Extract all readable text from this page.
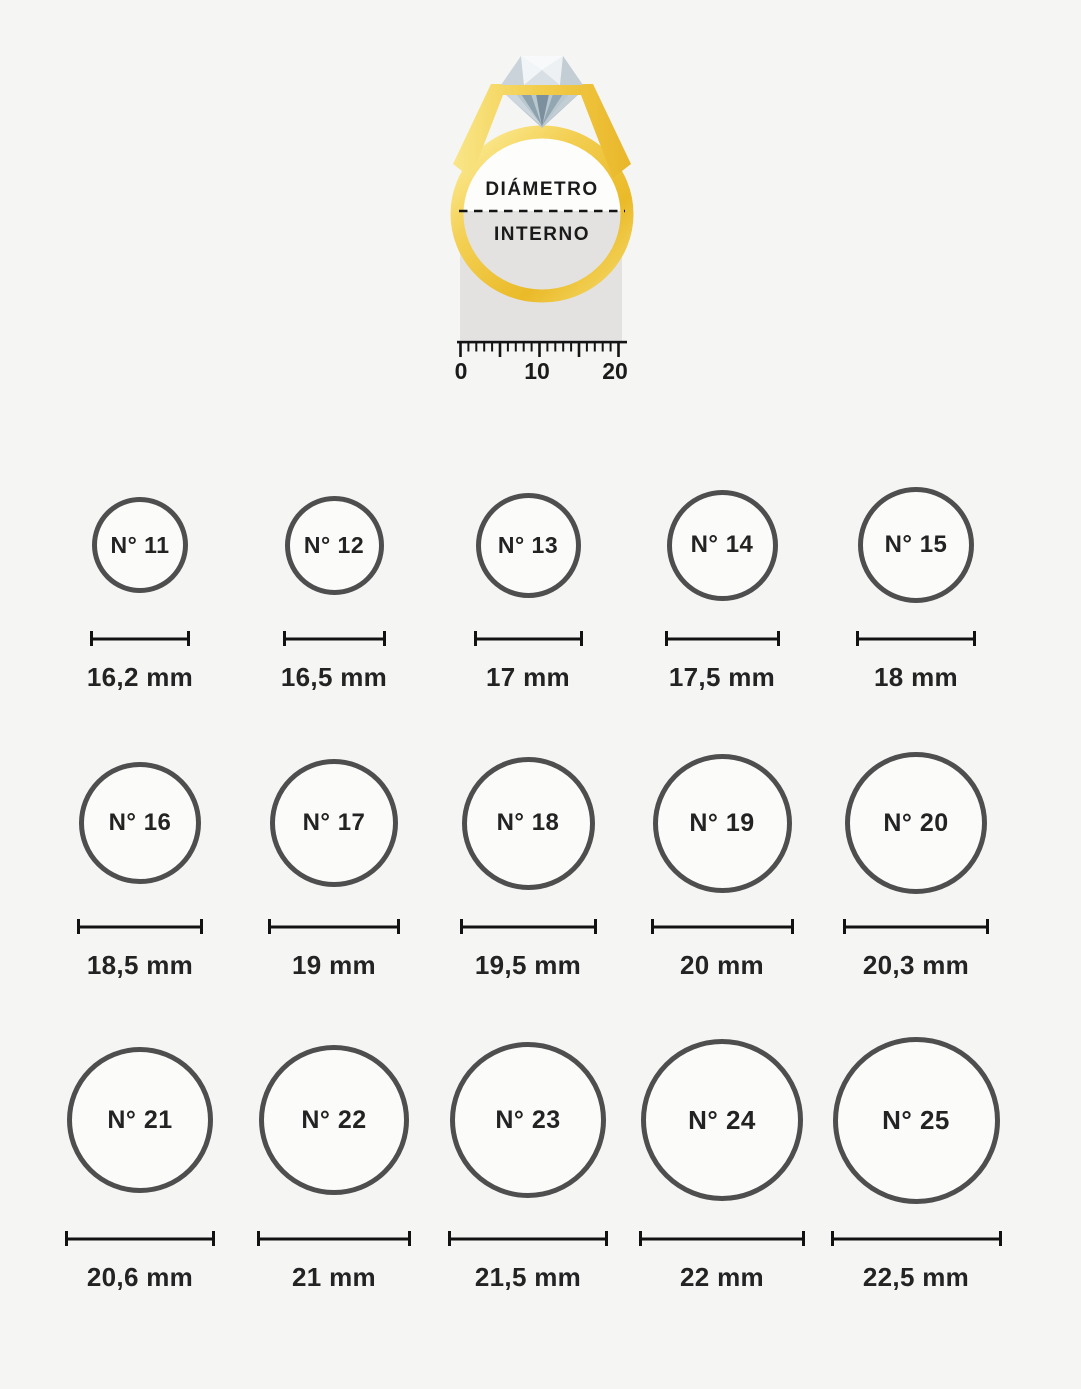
DIÁMETRO
INTERNO
0 10 20
N° 11
16,2 mm
N° 12
16,5 mm
N° 13
17 mm
N° 14
17,5 mm
N° 15
18 mm
N° 16
18,5 mm
N° 17
19 mm
N° 18
19,5 mm
N° 19
20 mm
N° 20
20,3 mm
N° 21
20,6 mm
N° 22
21 mm
N° 23
21,5 mm
N° 24
22 mm
N° 25
22,5 mm
